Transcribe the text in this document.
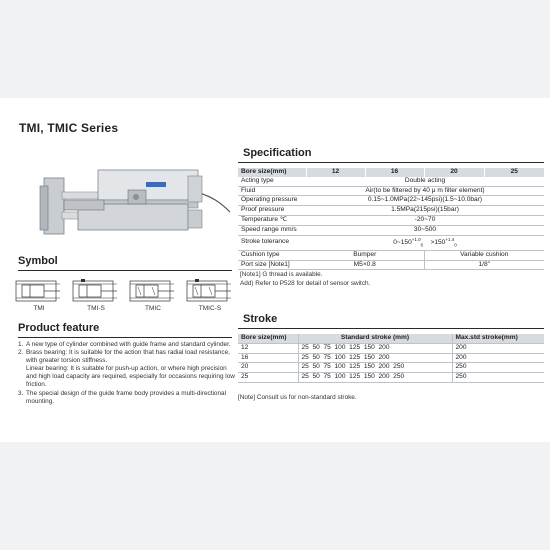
TMI, TMIC Series
Symbol
TMI	TMI-S	TMIC	TMIC-S
Product feature
1. A new type of cylinder combined with guide frame and standard cylinder.
2. Brass bearing: It is suitable for the action that has radial load resistance, with greater torsion stiffness.
Linear bearing: It is suitable for push-up action, or where high precision and high load capacity are required, especially for occasions requiring low friction.
3. The special design of the guide frame body provides a multi-directional mounting.
Specification
Bore size(mm)	12	16	20	25
Acting type	Double acting			
Fluid	Air(to be filtered by 40 μ m filter element)			
Operating pressure	0.15~1.0MPa(22~145psi)(1.5~10.0bar)			
Proof pressure	1.5MPa(215psi)(15bar)			
Temperature ℃	-20~70			
Speed range mm/s	30~500			
Stroke tolerance	$0\sim 150^{+1.0}_0 >150^{+1.4}_0$
Cushion type	Bumper		Variable cushion	
Port size [Note1]	M5×0.8		1/8"	
[Note1] G thread is available.
Add) Refer to P528 for detail of sensor switch.
Stroke
Bore size(mm)	Standard stroke (mm)	Max.std stroke(mm)
12	25  50  75  100  125  150  200	200
16	25  50  75  100  125  150  200	200
20	25  50  75  100  125  150  200  250	250
25	25  50  75  100  125  150  200  250	250
[Note] Consult us for non-standard stroke.
